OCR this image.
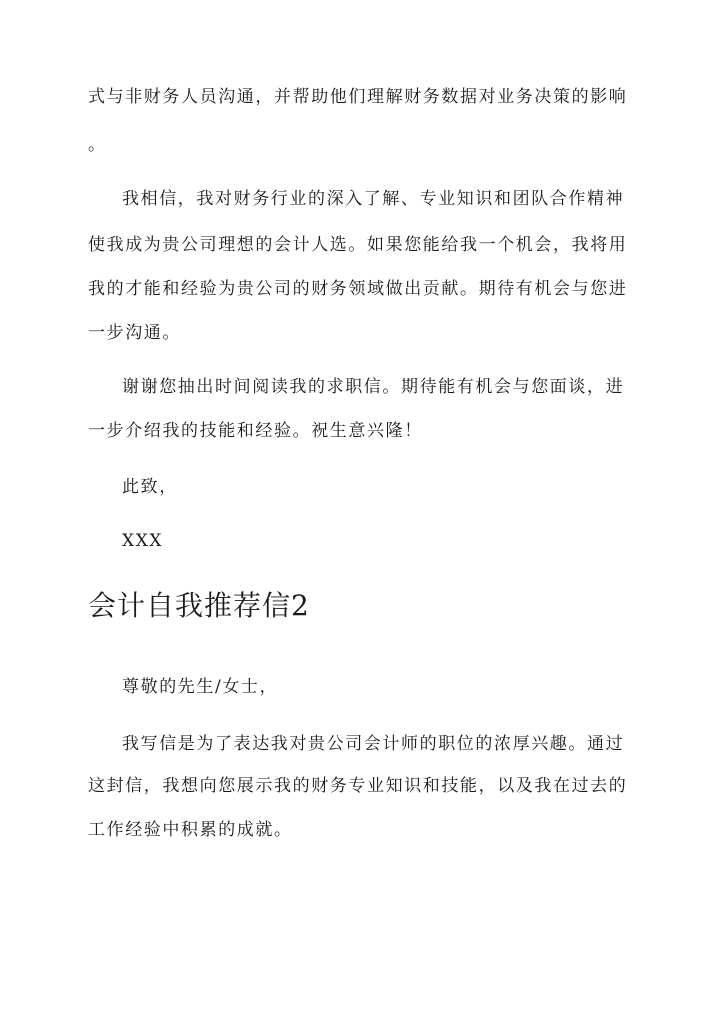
式与非财务人员沟通，并帮助他们理解财务数据对业务决策的影响
。
我相信，我对财务行业的深入了解、专业知识和团队合作精神
使我成为贵公司理想的会计人选。如果您能给我一个机会，我将用
我的才能和经验为贵公司的财务领域做出贡献。期待有机会与您进
一步沟通。
谢谢您抽出时间阅读我的求职信。期待能有机会与您面谈，进
一步介绍我的技能和经验。祝生意兴隆！
此致，
XXX
会计自我推荐信2
尊敬的先生/女士，
我写信是为了表达我对贵公司会计师的职位的浓厚兴趣。通过
这封信，我想向您展示我的财务专业知识和技能，以及我在过去的
工作经验中积累的成就。
